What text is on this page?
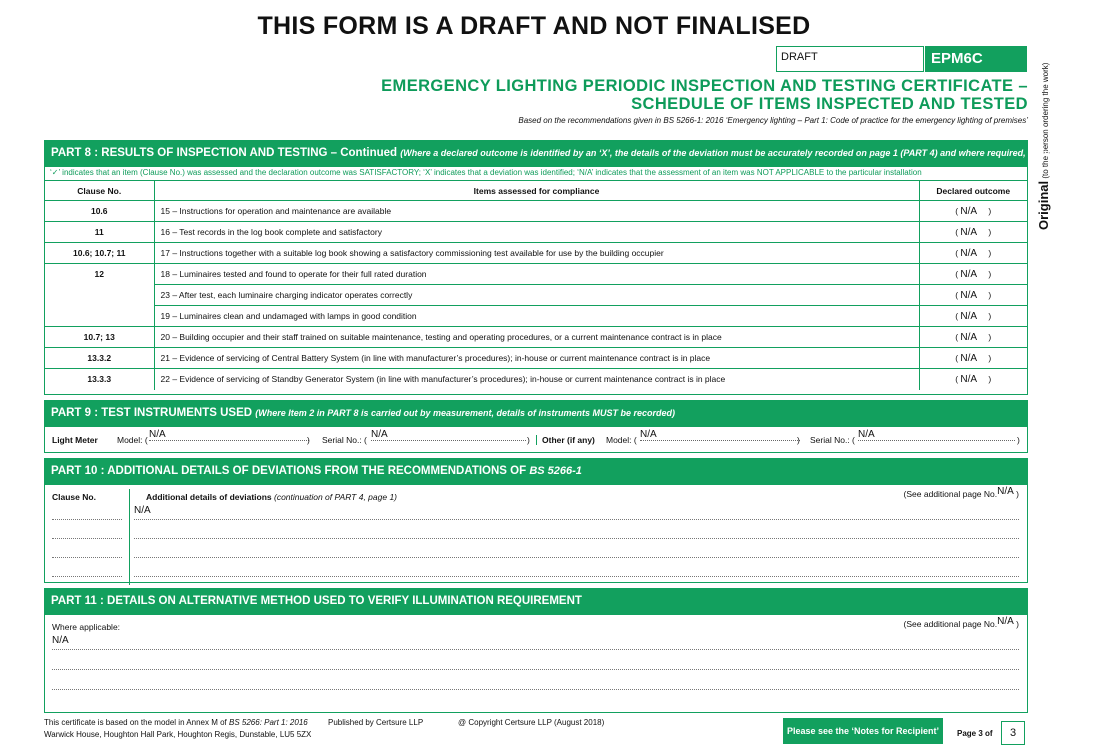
THIS FORM IS A DRAFT AND NOT FINALISED
DRAFT	EPM6C
EMERGENCY LIGHTING PERIODIC INSPECTION AND TESTING CERTIFICATE –
SCHEDULE OF ITEMS INSPECTED AND TESTED
Based on the recommendations given in BS 5266-1: 2016 ‘Emergency lighting – Part 1: Code of practice for the emergency lighting of premises’
Original (to the person ordering the work)
PART 8 : RESULTS OF INSPECTION AND TESTING – Continued (Where a declared outcome is identified by an ‘X’, the details of the deviation must be accurately recorded on page 1 (PART 4) and where required, page 3 (PART 10))
‘✓’ indicates that an item (Clause No.) was assessed and the declaration outcome was SATISFACTORY; ‘X’ indicates that a deviation was identified; ‘N/A’ indicates that the assessment of an item was NOT APPLICABLE to the particular installation
Clause No.	Items assessed for compliance	Declared outcome
10.6	15 – Instructions for operation and maintenance are available	( N/A )
11	16 – Test records in the log book complete and satisfactory	( N/A )
10.6; 10.7; 11	17 – Instructions together with a suitable log book showing a satisfactory commissioning test available for use by the building occupier	( N/A )
12	18 – Luminaires tested and found to operate for their full rated duration	( N/A )
	23 – After test, each luminaire charging indicator operates correctly	( N/A )
	19 – Luminaires clean and undamaged with lamps in good condition	( N/A )
10.7; 13	20 – Building occupier and their staff trained on suitable maintenance, testing and operating procedures, or a current maintenance contract is in place	( N/A )
13.3.2	21 – Evidence of servicing of Central Battery System (in line with manufacturer’s procedures); in-house or current maintenance contract is in place	( N/A )
13.3.3	22 – Evidence of servicing of Standby Generator System (in line with manufacturer’s procedures); in-house or current maintenance contract is in place	( N/A )
PART 9 : TEST INSTRUMENTS USED (Where Item 2 in PART 8 is carried out by measurement, details of instruments MUST be recorded)
Light Meter Model: ( N/A	) Serial No.: ( N/A	)	Other (if any) Model: ( N/A	) Serial No.: ( N/A	)
PART 10 : ADDITIONAL DETAILS OF DEVIATIONS FROM THE RECOMMENDATIONS OF BS 5266-1
Clause No.	Additional details of deviations (continuation of PART 4, page 1)	(See additional page No.N/A )
N/A
PART 11 : DETAILS ON ALTERNATIVE METHOD USED TO VERIFY ILLUMINATION REQUIREMENT
Where applicable:	(See additional page No.N/A )
N/A
This certificate is based on the model in Annex M of BS 5266: Part 1: 2016	Published by Certsure LLP	@ Copyright Certsure LLP (August 2018)
Warwick House, Houghton Hall Park, Houghton Regis, Dunstable, LU5 5ZX	Please see the ‘Notes for Recipient’	Page 3 of	3
